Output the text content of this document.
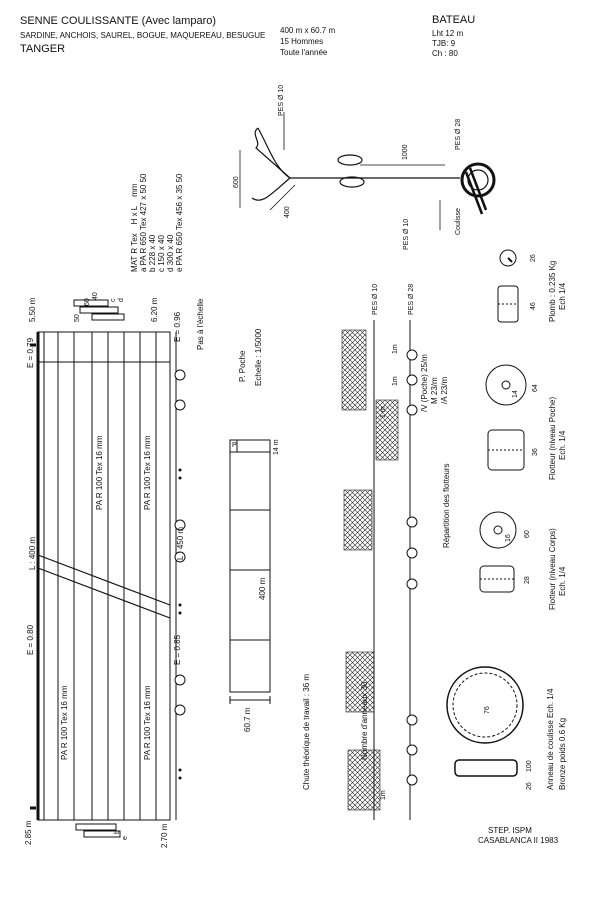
SENNE COULISSANTE (Avec lamparo)
SARDINE, ANCHOIS, SAUREL, BOGUE, MAQUEREAU, BESUGUE
TANGER
400 m x 60.7 m
15 Hommes
Toute l'année
BATEAU
Lht 12 m
TJB: 9
Ch : 80
MAT R Tex    H x L    mm
a PA R 650 Tex 427 x 50 50
b 228 x 40
c 150 x 40
d 300 x 40
e PA R 650 Tex 456 x 35 50
E = 0.79
E = 0.80	E = 0.85
E = 0.96
5.50 m
2.85 m
6.20 m
2.70 m
L : 400 m	L : 450 m
Pas à l'échelle
PA R 100 Tex 16 mm	PA R 100 Tex 16 mm
PA R 100 Tex 16 mm	PA R 100 Tex 16 mm
50
60
40
c d
b
e
P. Poche Echelle : 1/5000
400 m
60.7 m
14 m
P
PES Ø 10
PES Ø 28
PES Ø 10
600
400
1000
Coulisse
PES Ø 10	PES Ø 28
1m
1m
1 m
1m
Répartition des flotteurs
/V (Poche) 25/m M 23/m /A 23/m
Chute théorique de travail : 36 m	Nombre d'anneaux 30
Plomb : 0.235 Kg Ech 1/4
26
46
Flotteur (niveau Poche) Ech. 1/4
64
36
14
Flotteur (niveau Corps) Ech. 1/4
60
28
16
Anneau de coulisse Ech. 1/4 Bronze poids 0.6 Kg
76
100
26
STEP. ISPM
CASABLANCA II 1983
